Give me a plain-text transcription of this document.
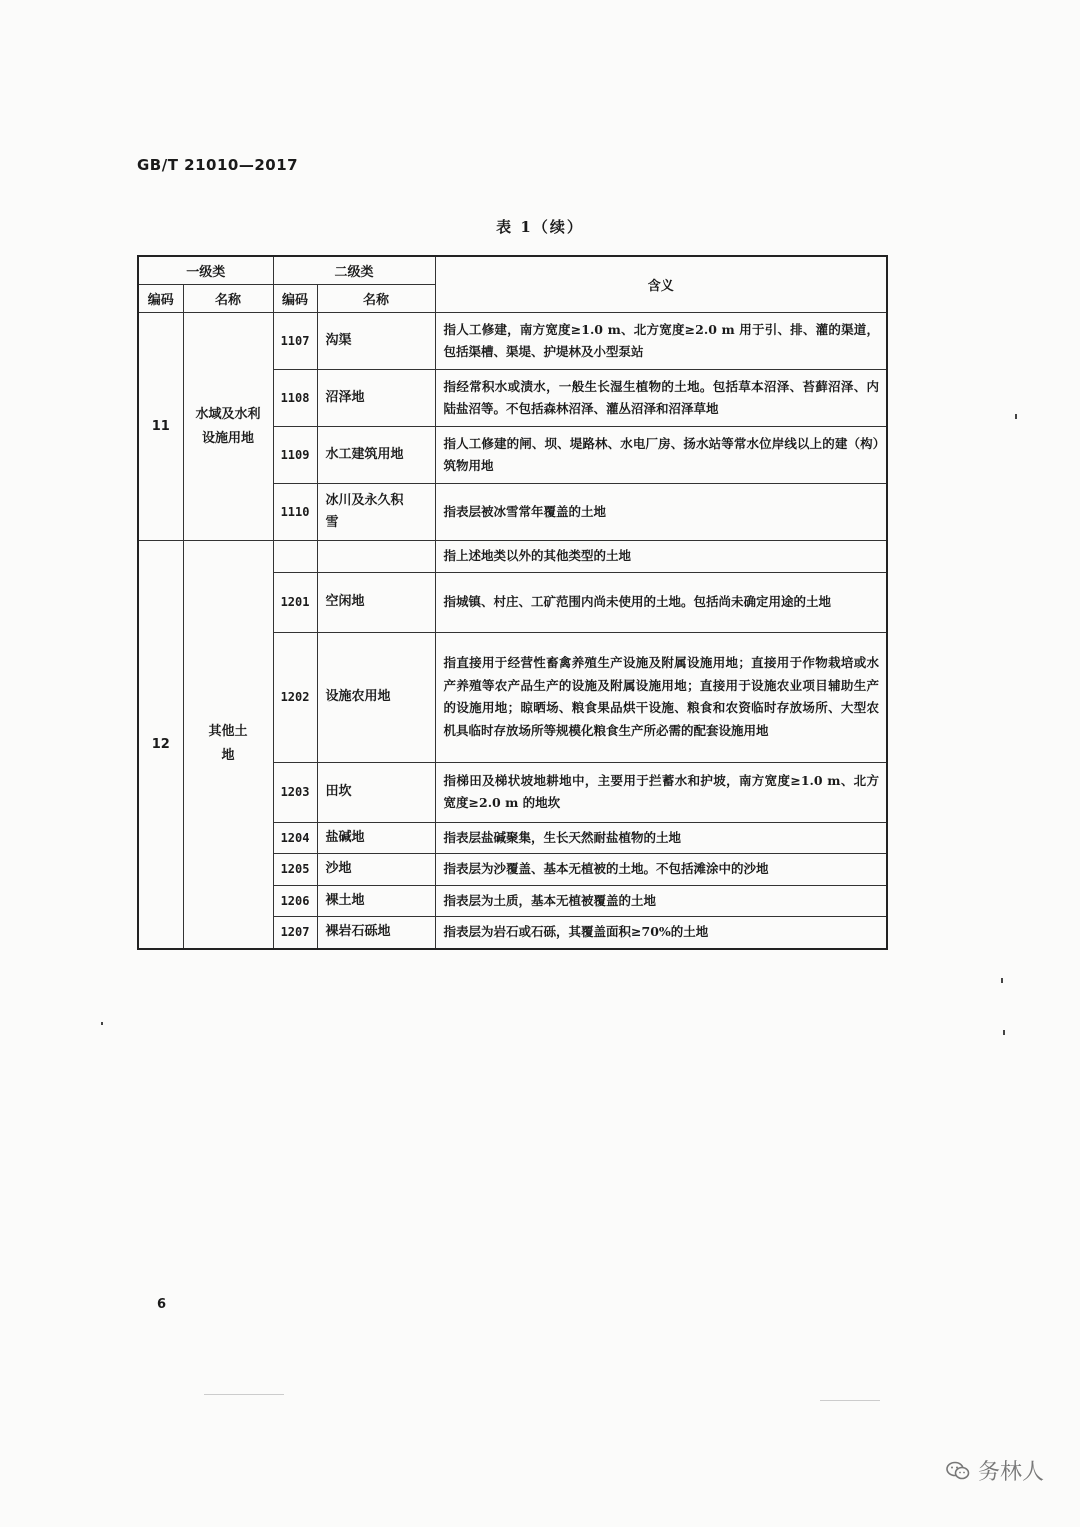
GB/T 21010—2017
表 1（续）
一级类		二级类		含义
编码	名称	编码	名称	
11	水域及水利设施用地	1107	沟渠	指人工修建，南方宽度≥1.0 m、北方宽度≥2.0 m 用于引、排、灌的渠道，包括渠槽、渠堤、护堤林及小型泵站
		1108	沼泽地	指经常积水或渍水，一般生长湿生植物的土地。包括草本沼泽、苔藓沼泽、内陆盐沼等。不包括森林沼泽、灌丛沼泽和沼泽草地
		1109	水工建筑用地	指人工修建的闸、坝、堤路林、水电厂房、扬水站等常水位岸线以上的建（构）筑物用地
		1110	冰川及永久积雪	指表层被冰雪常年覆盖的土地
12	其他土地			指上述地类以外的其他类型的土地
		1201	空闲地	指城镇、村庄、工矿范围内尚未使用的土地。包括尚未确定用途的土地
		1202	设施农用地	指直接用于经营性畜禽养殖生产设施及附属设施用地；直接用于作物栽培或水产养殖等农产品生产的设施及附属设施用地；直接用于设施农业项目辅助生产的设施用地；晾晒场、粮食果品烘干设施、粮食和农资临时存放场所、大型农机具临时存放场所等规模化粮食生产所必需的配套设施用地
		1203	田坎	指梯田及梯状坡地耕地中，主要用于拦蓄水和护坡，南方宽度≥1.0 m、北方宽度≥2.0 m 的地坎
		1204	盐碱地	指表层盐碱聚集，生长天然耐盐植物的土地
		1205	沙地	指表层为沙覆盖、基本无植被的土地。不包括滩涂中的沙地
		1206	裸土地	指表层为土质，基本无植被覆盖的土地
		1207	裸岩石砾地	指表层为岩石或石砾，其覆盖面积≥70%的土地
6
务林人
